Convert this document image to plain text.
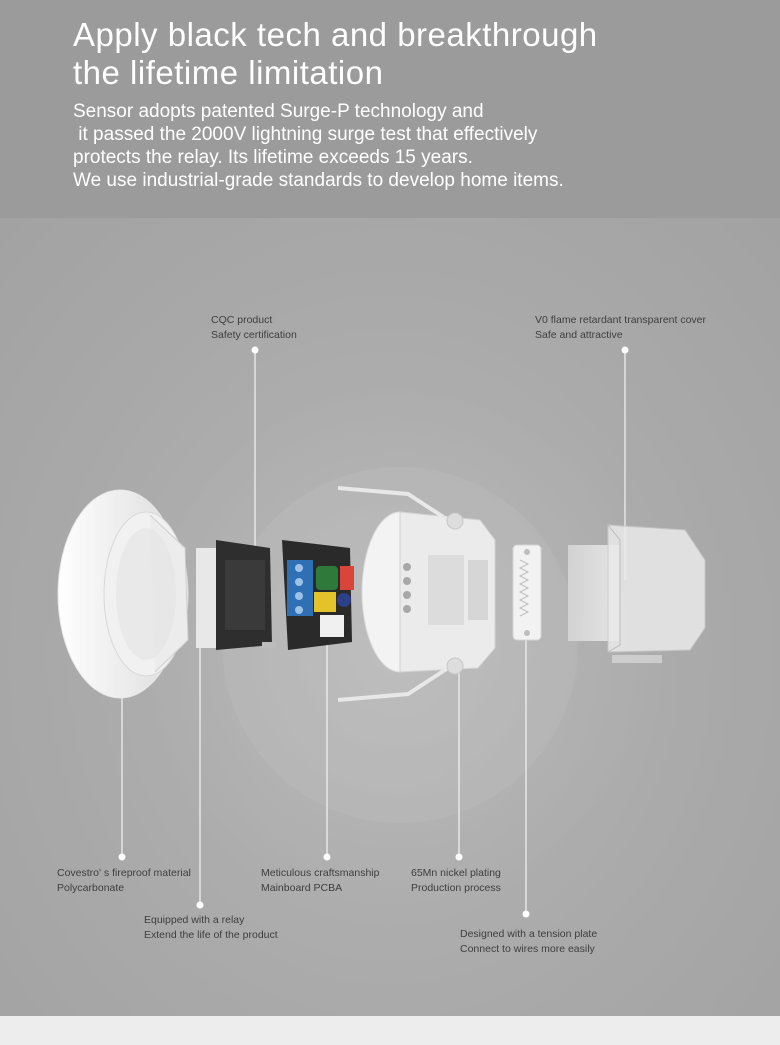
Apply black tech and breakthrough
the lifetime limitation

Sensor adopts patented Surge-P technology and
it passed the 2000V lightning surge test that effectively
protects the relay. Its lifetime exceeds 15 years.
We use industrial-grade standards to develop home items.

CQC product
Safety certification
V0 flame retardant transparent cover
Safe and attractive
Covestro' s fireproof material
Polycarbonate
Equipped with a relay
Extend the life of the product
Meticulous craftsmanship
Mainboard PCBA
65Mn nickel plating
Production process
Designed with a tension plate
Connect to wires more easily
